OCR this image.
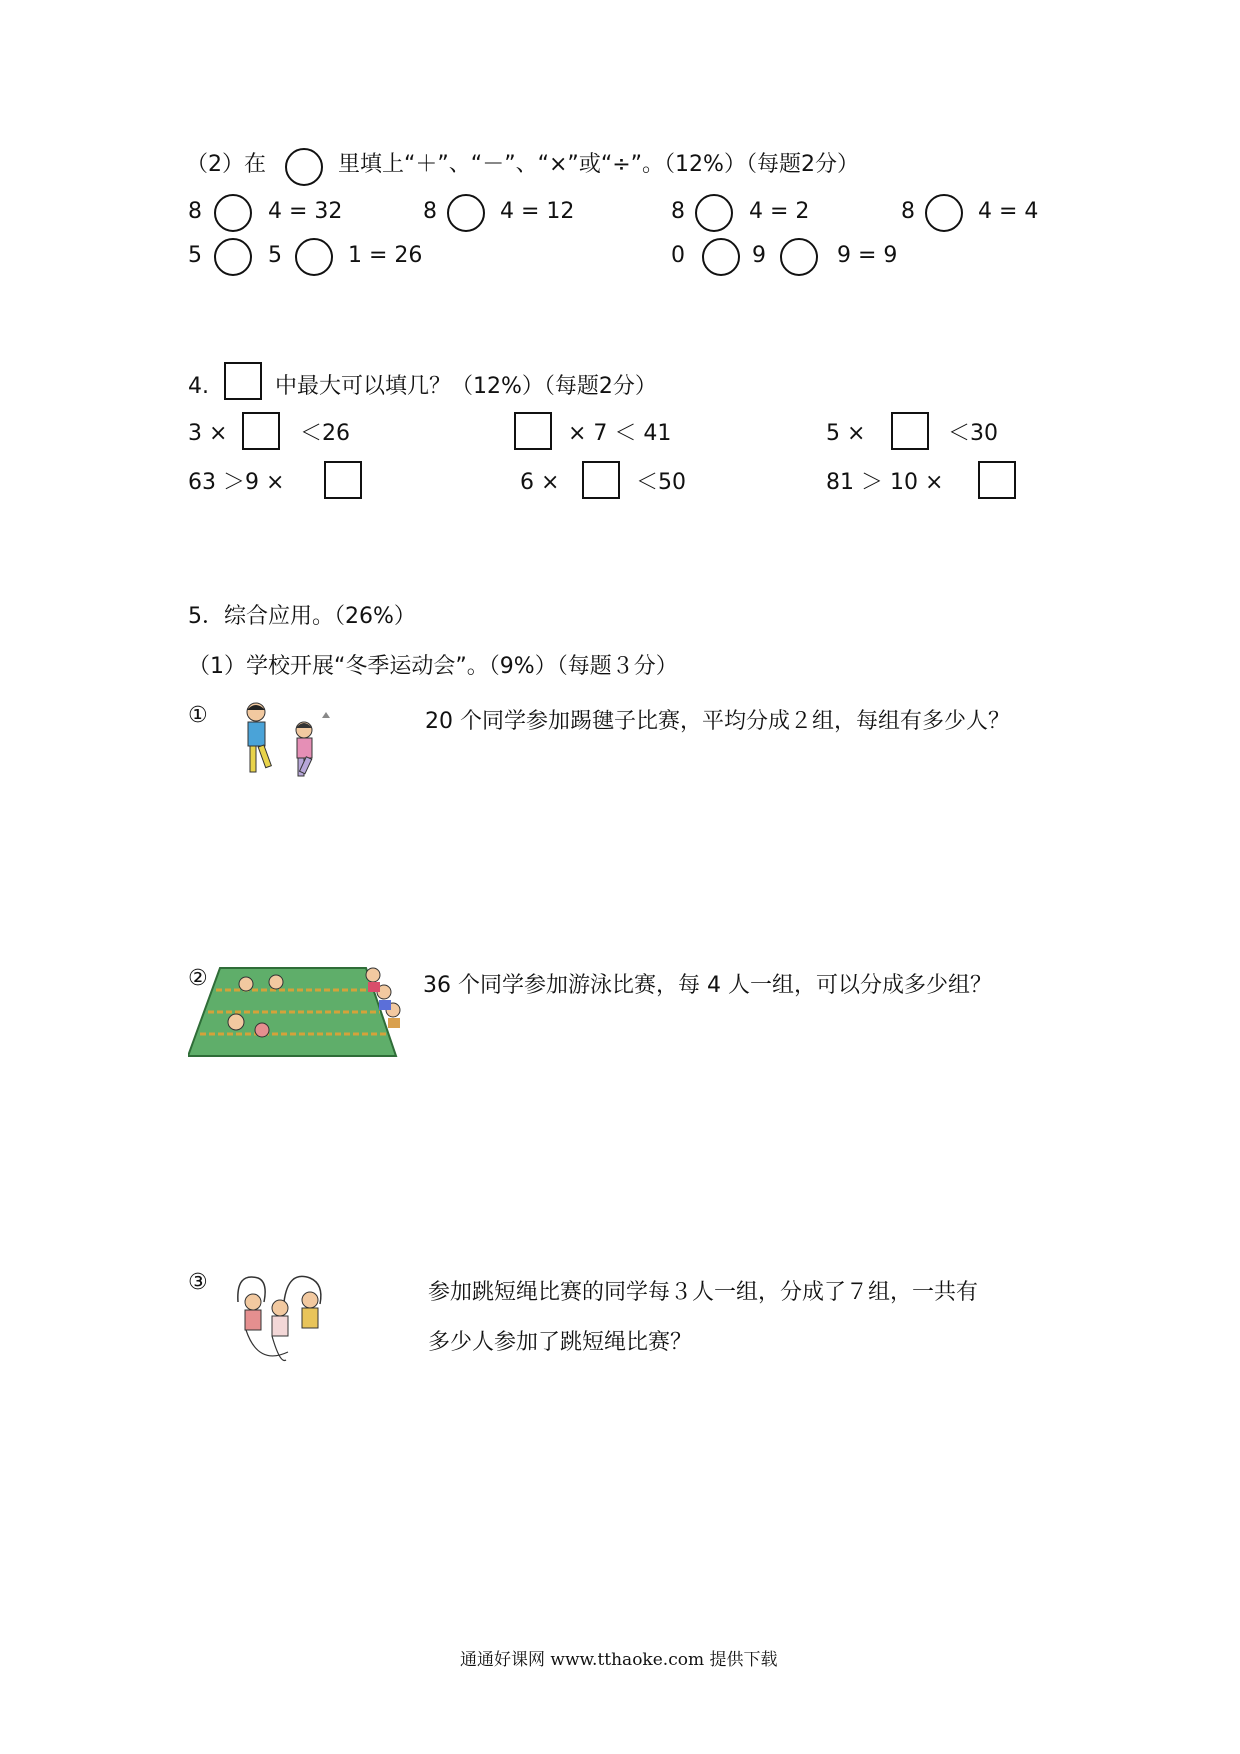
（2）在	里填上“＋”、“－”、“×”或“÷”。（12%）（每题2分）
8	4 = 32	8	4 = 12	8	4 = 2	8	4 = 4
5	5	1 = 26	0	9	9 = 9
4.	中最大可以填几？（12%）（每题2分）
3 ×	＜26	× 7 ＜ 41	5 ×	＜30
63 ＞9 ×	6 ×	＜50	81 ＞ 10 ×
5．综合应用。（26%）
（1）学校开展“冬季运动会”。（9%）（每题３分）
①	20 个同学参加踢毽子比赛，平均分成２组，每组有多少人？
②	36 个同学参加游泳比赛，每 4 人一组，可以分成多少组？
③	参加跳短绳比赛的同学每３人一组，分成了７组，一共有
多少人参加了跳短绳比赛？
通通好课网 www.tthaoke.com 提供下载
